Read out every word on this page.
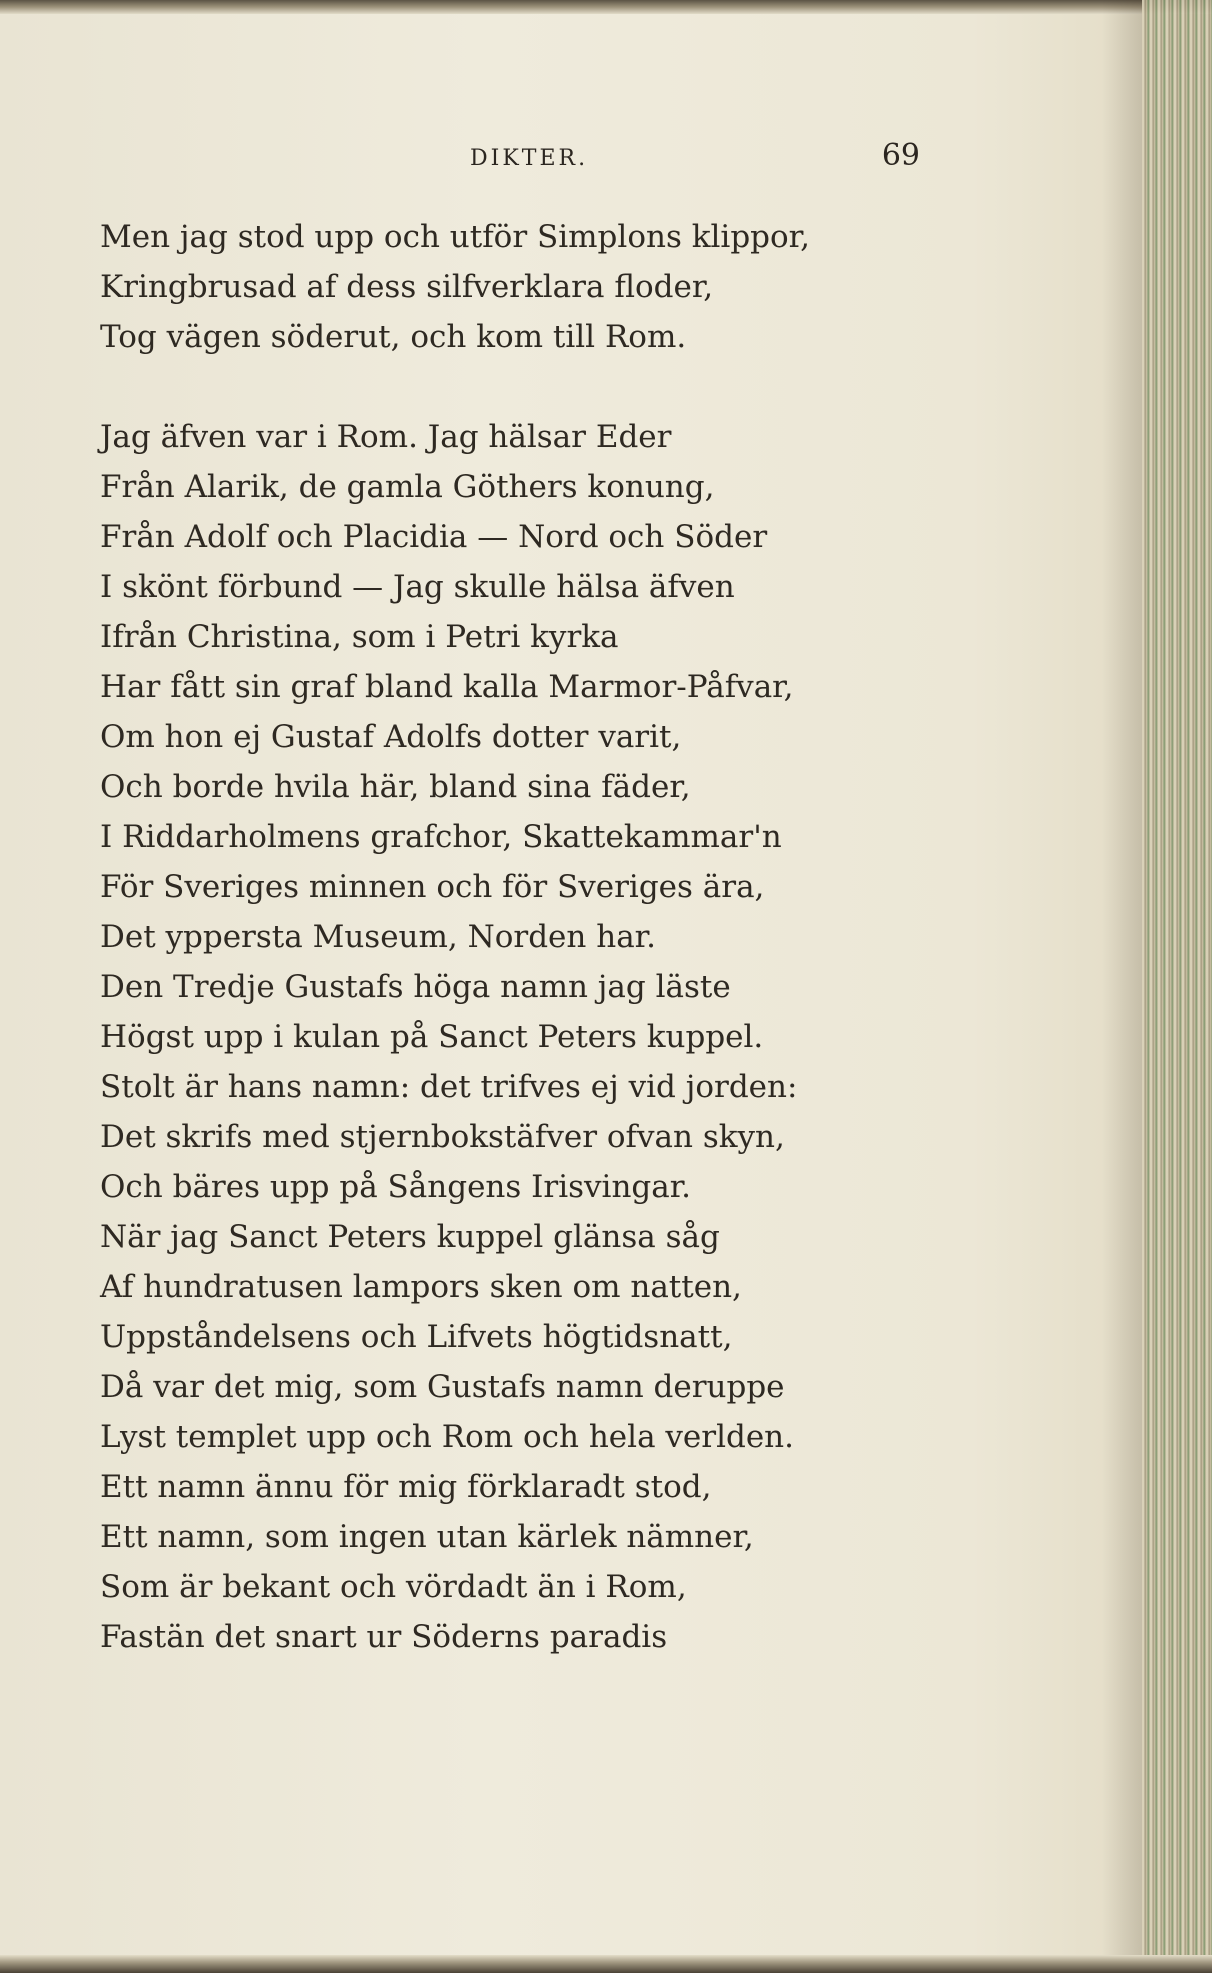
DIKTER.	69
Men jag stod upp och utför Simplons klippor,
Kringbrusad af dess silfverklara floder,
Tog vägen söderut, och kom till Rom.
Jag äfven var i Rom. Jag hälsar Eder
Från Alarik, de gamla Göthers konung,
Från Adolf och Placidia — Nord och Söder
I skönt förbund — Jag skulle hälsa äfven
Ifrån Christina, som i Petri kyrka
Har fått sin graf bland kalla Marmor-Påfvar,
Om hon ej Gustaf Adolfs dotter varit,
Och borde hvila här, bland sina fäder,
I Riddarholmens grafchor, Skattekammar'n
För Sveriges minnen och för Sveriges ära,
Det yppersta Museum, Norden har.
Den Tredje Gustafs höga namn jag läste
Högst upp i kulan på Sanct Peters kuppel.
Stolt är hans namn: det trifves ej vid jorden:
Det skrifs med stjernbokstäfver ofvan skyn,
Och bäres upp på Sångens Irisvingar.
När jag Sanct Peters kuppel glänsa såg
Af hundratusen lampors sken om natten,
Uppståndelsens och Lifvets högtidsnatt,
Då var det mig, som Gustafs namn deruppe
Lyst templet upp och Rom och hela verlden.
Ett namn ännu för mig förklaradt stod,
Ett namn, som ingen utan kärlek nämner,
Som är bekant och vördadt än i Rom,
Fastän det snart ur Söderns paradis
